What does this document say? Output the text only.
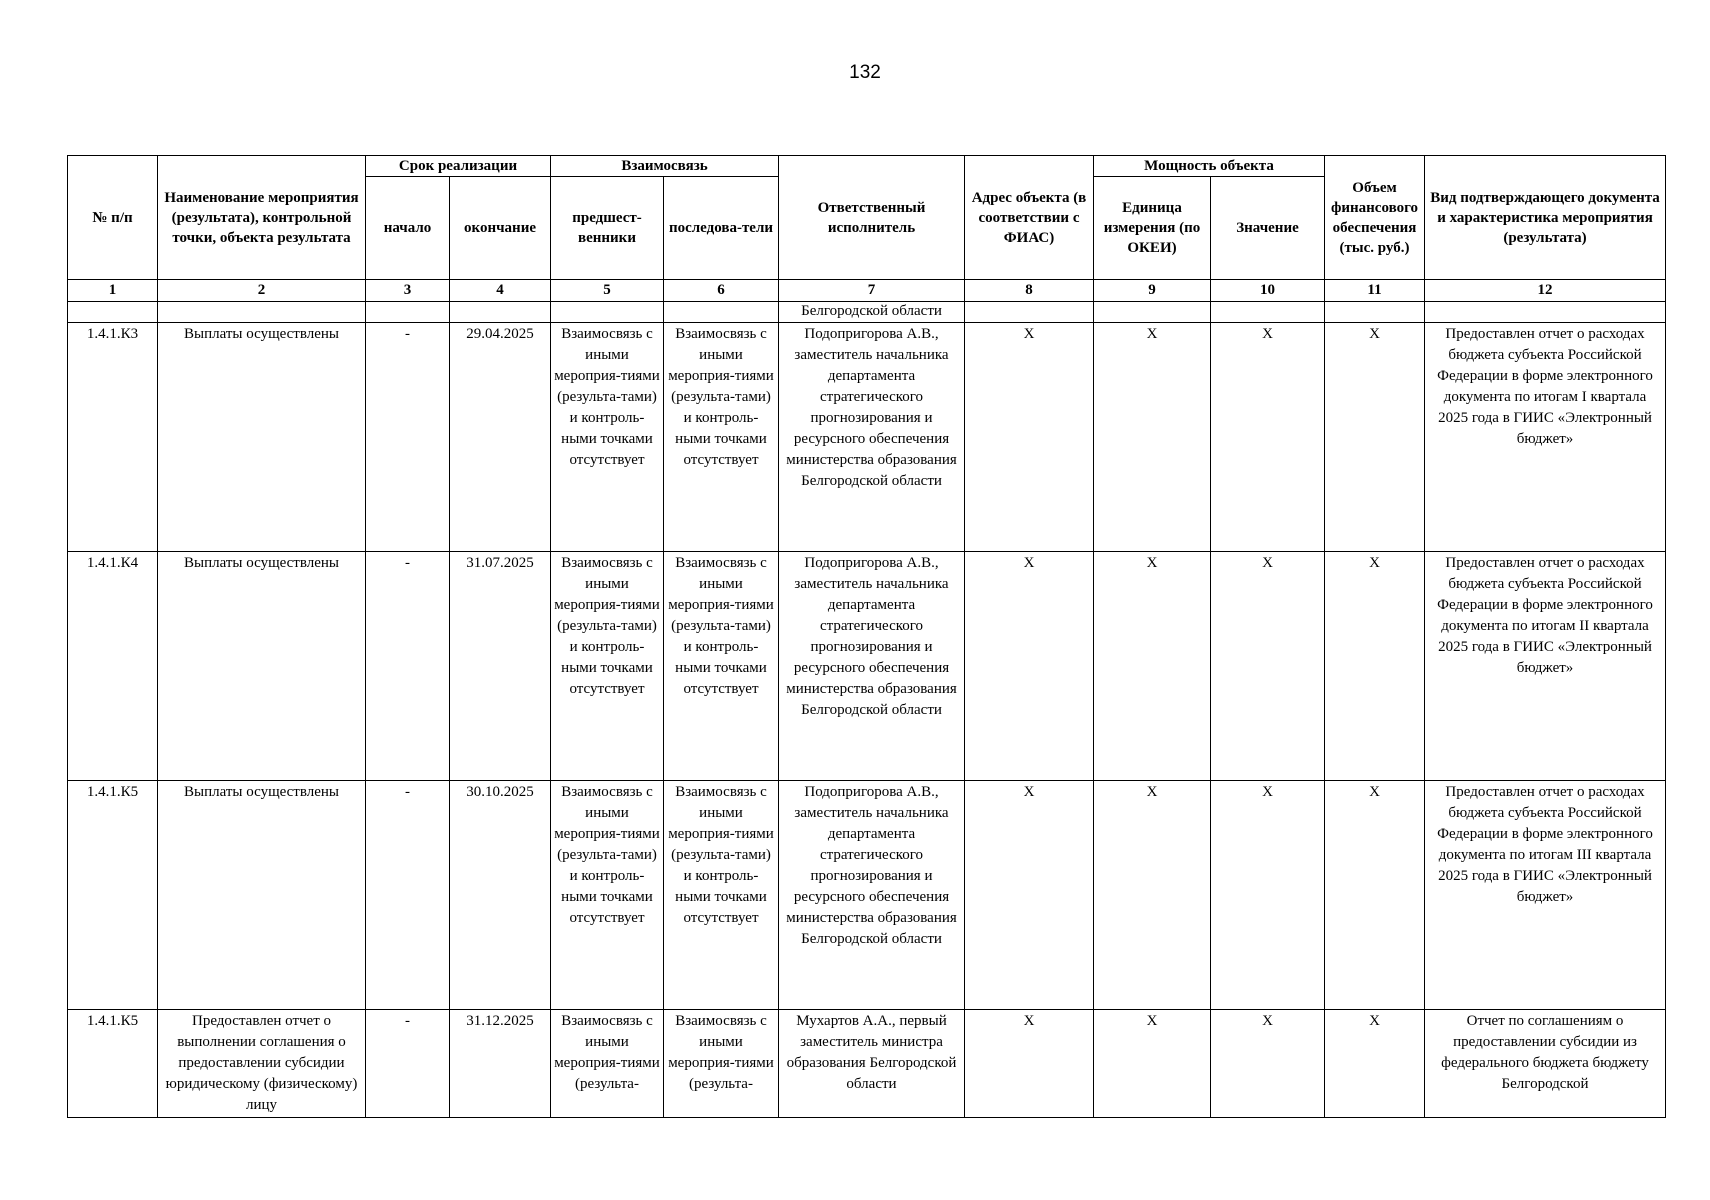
132
№ п/п	Наименование мероприятия (результата), контрольной точки, объекта результата	Срок реализации		Взаимосвязь		Ответственный исполнитель	Адрес объекта (в соответствии с ФИАС)	Мощность объекта		Объем финансового обеспечения (тыс. руб.)	Вид подтверждающего документа и характеристика мероприятия (результата)
		начало	окончание	предшест-венники	последова-тели			Единица измерения (по ОКЕИ)	Значение		
1	2	3	4	5	6	7	8	9	10	11	12
						Белгородской области					
1.4.1.К3	Выплаты осуществлены	-	29.04.2025	Взаимосвязь с иными мероприя-тиями (результа-тами) и контроль-ными точками отсутствует	Взаимосвязь с иными мероприя-тиями (результа-тами) и контроль-ными точками отсутствует	Подопригорова А.В., заместитель начальника департамента стратегического прогнозирования и ресурсного обеспечения министерства образования Белгородской области	Х	Х	Х	Х	Предоставлен отчет о расходах бюджета субъекта Российской Федерации в форме электронного документа по итогам I квартала 2025 года в ГИИС «Электронный бюджет»
1.4.1.К4	Выплаты осуществлены	-	31.07.2025	Взаимосвязь с иными мероприя-тиями (результа-тами) и контроль-ными точками отсутствует	Взаимосвязь с иными мероприя-тиями (результа-тами) и контроль-ными точками отсутствует	Подопригорова А.В., заместитель начальника департамента стратегического прогнозирования и ресурсного обеспечения министерства образования Белгородской области	Х	Х	Х	Х	Предоставлен отчет о расходах бюджета субъекта Российской Федерации в форме электронного документа по итогам II квартала 2025 года в ГИИС «Электронный бюджет»
1.4.1.К5	Выплаты осуществлены	-	30.10.2025	Взаимосвязь с иными мероприя-тиями (результа-тами) и контроль-ными точками отсутствует	Взаимосвязь с иными мероприя-тиями (результа-тами) и контроль-ными точками отсутствует	Подопригорова А.В., заместитель начальника департамента стратегического прогнозирования и ресурсного обеспечения министерства образования Белгородской области	Х	Х	Х	Х	Предоставлен отчет о расходах бюджета субъекта Российской Федерации в форме электронного документа по итогам III квартала 2025 года в ГИИС «Электронный бюджет»
1.4.1.К5	Предоставлен отчет о выполнении соглашения о предоставлении субсидии юридическому (физическому) лицу	-	31.12.2025	Взаимосвязь с иными мероприя-тиями (результа-	Взаимосвязь с иными мероприя-тиями (результа-	Мухартов А.А., первый заместитель министра образования Белгородской области	Х	Х	Х	Х	Отчет по соглашениям о предоставлении субсидии из федерального бюджета бюджету Белгородской
